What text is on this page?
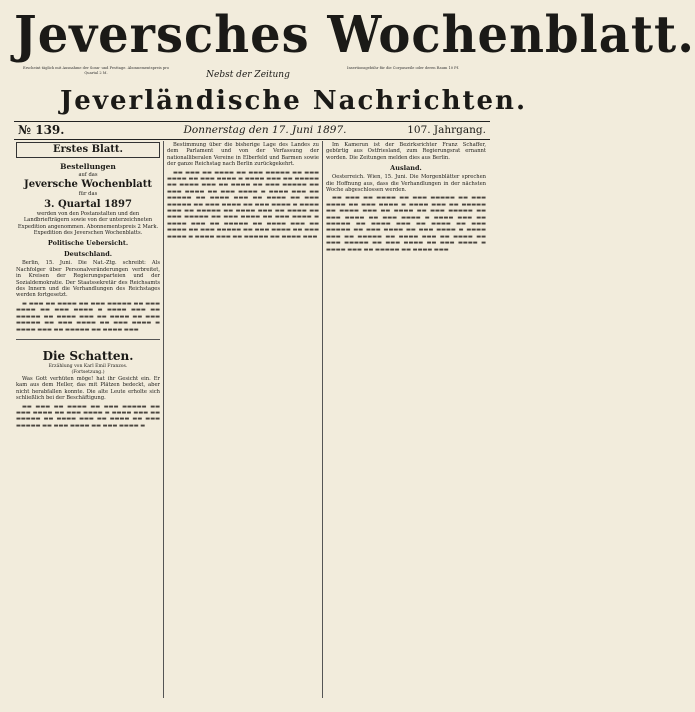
Jeversches Wochenblatt.
Erscheint täglich mit Ausnahme der Sonn- und Festtage. Abonnementspreis pro Quartal 2 M.	Nebst der Zeitung
Insertionsgebühr für die Corpuszeile oder deren Raum 10 Pf.
Jeverländische Nachrichten.
№ 139.	Donnerstag den 17. Juni 1897.	107. Jahrgang.
Erstes Blatt.
Bestellungen
auf das
Jeversche Wochenblatt
für das
3. Quartal 1897
werden von den Postanstalten und den Landbriefträgern sowie von der unterzeichneten Expedition angenommen. Abonnementspreis 2 Mark.
Expedition des Jeverschen Wochenblatts.
Politische Uebersicht.
Deutschland.

Berlin, 15. Juni. Die Nat.-Ztg. schreibt: Als Nachfolger über Personalveränderungen verbreitet, in Kreisen der Regierungsparteien und der Sozialdemokratie. Der Staatssekretär des Reichsamts des Innern und die Verhandlungen des Reichstages werden fortgesetzt.

▬ ▬▬▬ ▬▬ ▬▬▬▬ ▬▬ ▬▬▬ ▬▬▬▬▬ ▬▬ ▬▬▬ ▬▬▬▬ ▬▬ ▬▬▬ ▬▬▬▬ ▬ ▬▬▬▬ ▬▬▬ ▬▬ ▬▬▬▬▬ ▬▬ ▬▬▬▬ ▬▬▬ ▬▬ ▬▬▬▬ ▬▬ ▬▬▬ ▬▬▬▬▬ ▬▬ ▬▬▬ ▬▬▬▬ ▬▬ ▬▬▬ ▬▬▬▬ ▬ ▬▬▬▬ ▬▬▬ ▬▬ ▬▬▬▬▬ ▬▬ ▬▬▬▬ ▬▬▬

Die Schatten.
Erzählung von Karl Emil Franzos.
(Fortsetzung.)

Was Gott verhüten möge! hat ihr Gesicht ein. Er kam aus dem Heller, das mit Plätzen bedeckt, aber nicht herabfallen konnte. Die alte Leute erholte sich schließlich bei der Beschäftigung.

▬▬ ▬▬▬ ▬▬ ▬▬▬▬ ▬▬ ▬▬▬ ▬▬▬▬▬ ▬▬ ▬▬▬ ▬▬▬▬ ▬▬ ▬▬▬ ▬▬▬▬ ▬ ▬▬▬▬ ▬▬▬ ▬▬ ▬▬▬▬▬ ▬▬ ▬▬▬▬ ▬▬▬ ▬▬ ▬▬▬▬ ▬▬ ▬▬▬ ▬▬▬▬▬ ▬▬ ▬▬▬ ▬▬▬▬ ▬▬ ▬▬▬ ▬▬▬▬ ▬

Bestimmung über die bisherige Lage des Landes zu dem Parlament und von der Verfassung der nationalliberalen Vereine in Elberfeld und Barmen sowie der ganze Reichstag nach Berlin zurückgekehrt.

▬▬ ▬▬▬ ▬▬ ▬▬▬▬ ▬▬ ▬▬▬ ▬▬▬▬▬ ▬▬ ▬▬▬ ▬▬▬▬ ▬▬ ▬▬▬ ▬▬▬▬ ▬ ▬▬▬▬ ▬▬▬ ▬▬ ▬▬▬▬▬ ▬▬ ▬▬▬▬ ▬▬▬ ▬▬ ▬▬▬▬ ▬▬ ▬▬▬ ▬▬▬▬▬ ▬▬ ▬▬▬ ▬▬▬▬ ▬▬ ▬▬▬ ▬▬▬▬ ▬ ▬▬▬▬ ▬▬▬ ▬▬ ▬▬▬▬▬ ▬▬ ▬▬▬▬ ▬▬▬ ▬▬ ▬▬▬▬ ▬▬ ▬▬▬ ▬▬▬▬▬ ▬▬ ▬▬▬ ▬▬▬▬ ▬▬ ▬▬▬ ▬▬▬▬ ▬ ▬▬▬▬ ▬▬▬ ▬▬ ▬▬▬▬▬ ▬▬ ▬▬▬▬ ▬▬▬ ▬▬ ▬▬▬▬ ▬▬ ▬▬▬ ▬▬▬▬▬ ▬▬ ▬▬▬ ▬▬▬▬ ▬▬ ▬▬▬ ▬▬▬▬ ▬ ▬▬▬▬ ▬▬▬ ▬▬ ▬▬▬▬▬ ▬▬ ▬▬▬▬ ▬▬▬ ▬▬ ▬▬▬▬ ▬▬ ▬▬▬ ▬▬▬▬▬ ▬▬ ▬▬▬ ▬▬▬▬ ▬▬ ▬▬▬ ▬▬▬▬ ▬ ▬▬▬▬ ▬▬▬ ▬▬ ▬▬▬▬▬ ▬▬ ▬▬▬▬ ▬▬▬

Im Kamerun ist der Bezirksrichter Franz Schaffer, gebürtig aus Ostfriesland, zum Regierungsrat ernannt worden. Die Zeitungen melden dies aus Berlin.

Ausland.

Oesterreich. Wien, 15. Juni. Die Morgenblätter sprechen die Hoffnung aus, dass die Verhandlungen in der nächsten Woche abgeschlossen werden.

▬▬ ▬▬▬ ▬▬ ▬▬▬▬ ▬▬ ▬▬▬ ▬▬▬▬▬ ▬▬ ▬▬▬ ▬▬▬▬ ▬▬ ▬▬▬ ▬▬▬▬ ▬ ▬▬▬▬ ▬▬▬ ▬▬ ▬▬▬▬▬ ▬▬ ▬▬▬▬ ▬▬▬ ▬▬ ▬▬▬▬ ▬▬ ▬▬▬ ▬▬▬▬▬ ▬▬ ▬▬▬ ▬▬▬▬ ▬▬ ▬▬▬ ▬▬▬▬ ▬ ▬▬▬▬ ▬▬▬ ▬▬ ▬▬▬▬▬ ▬▬ ▬▬▬▬ ▬▬▬ ▬▬ ▬▬▬▬ ▬▬ ▬▬▬ ▬▬▬▬▬ ▬▬ ▬▬▬ ▬▬▬▬ ▬▬ ▬▬▬ ▬▬▬▬ ▬ ▬▬▬▬ ▬▬▬ ▬▬ ▬▬▬▬▬ ▬▬ ▬▬▬▬ ▬▬▬ ▬▬ ▬▬▬▬ ▬▬ ▬▬▬ ▬▬▬▬▬ ▬▬ ▬▬▬ ▬▬▬▬ ▬▬ ▬▬▬ ▬▬▬▬ ▬ ▬▬▬▬ ▬▬▬ ▬▬ ▬▬▬▬▬ ▬▬ ▬▬▬▬ ▬▬▬
